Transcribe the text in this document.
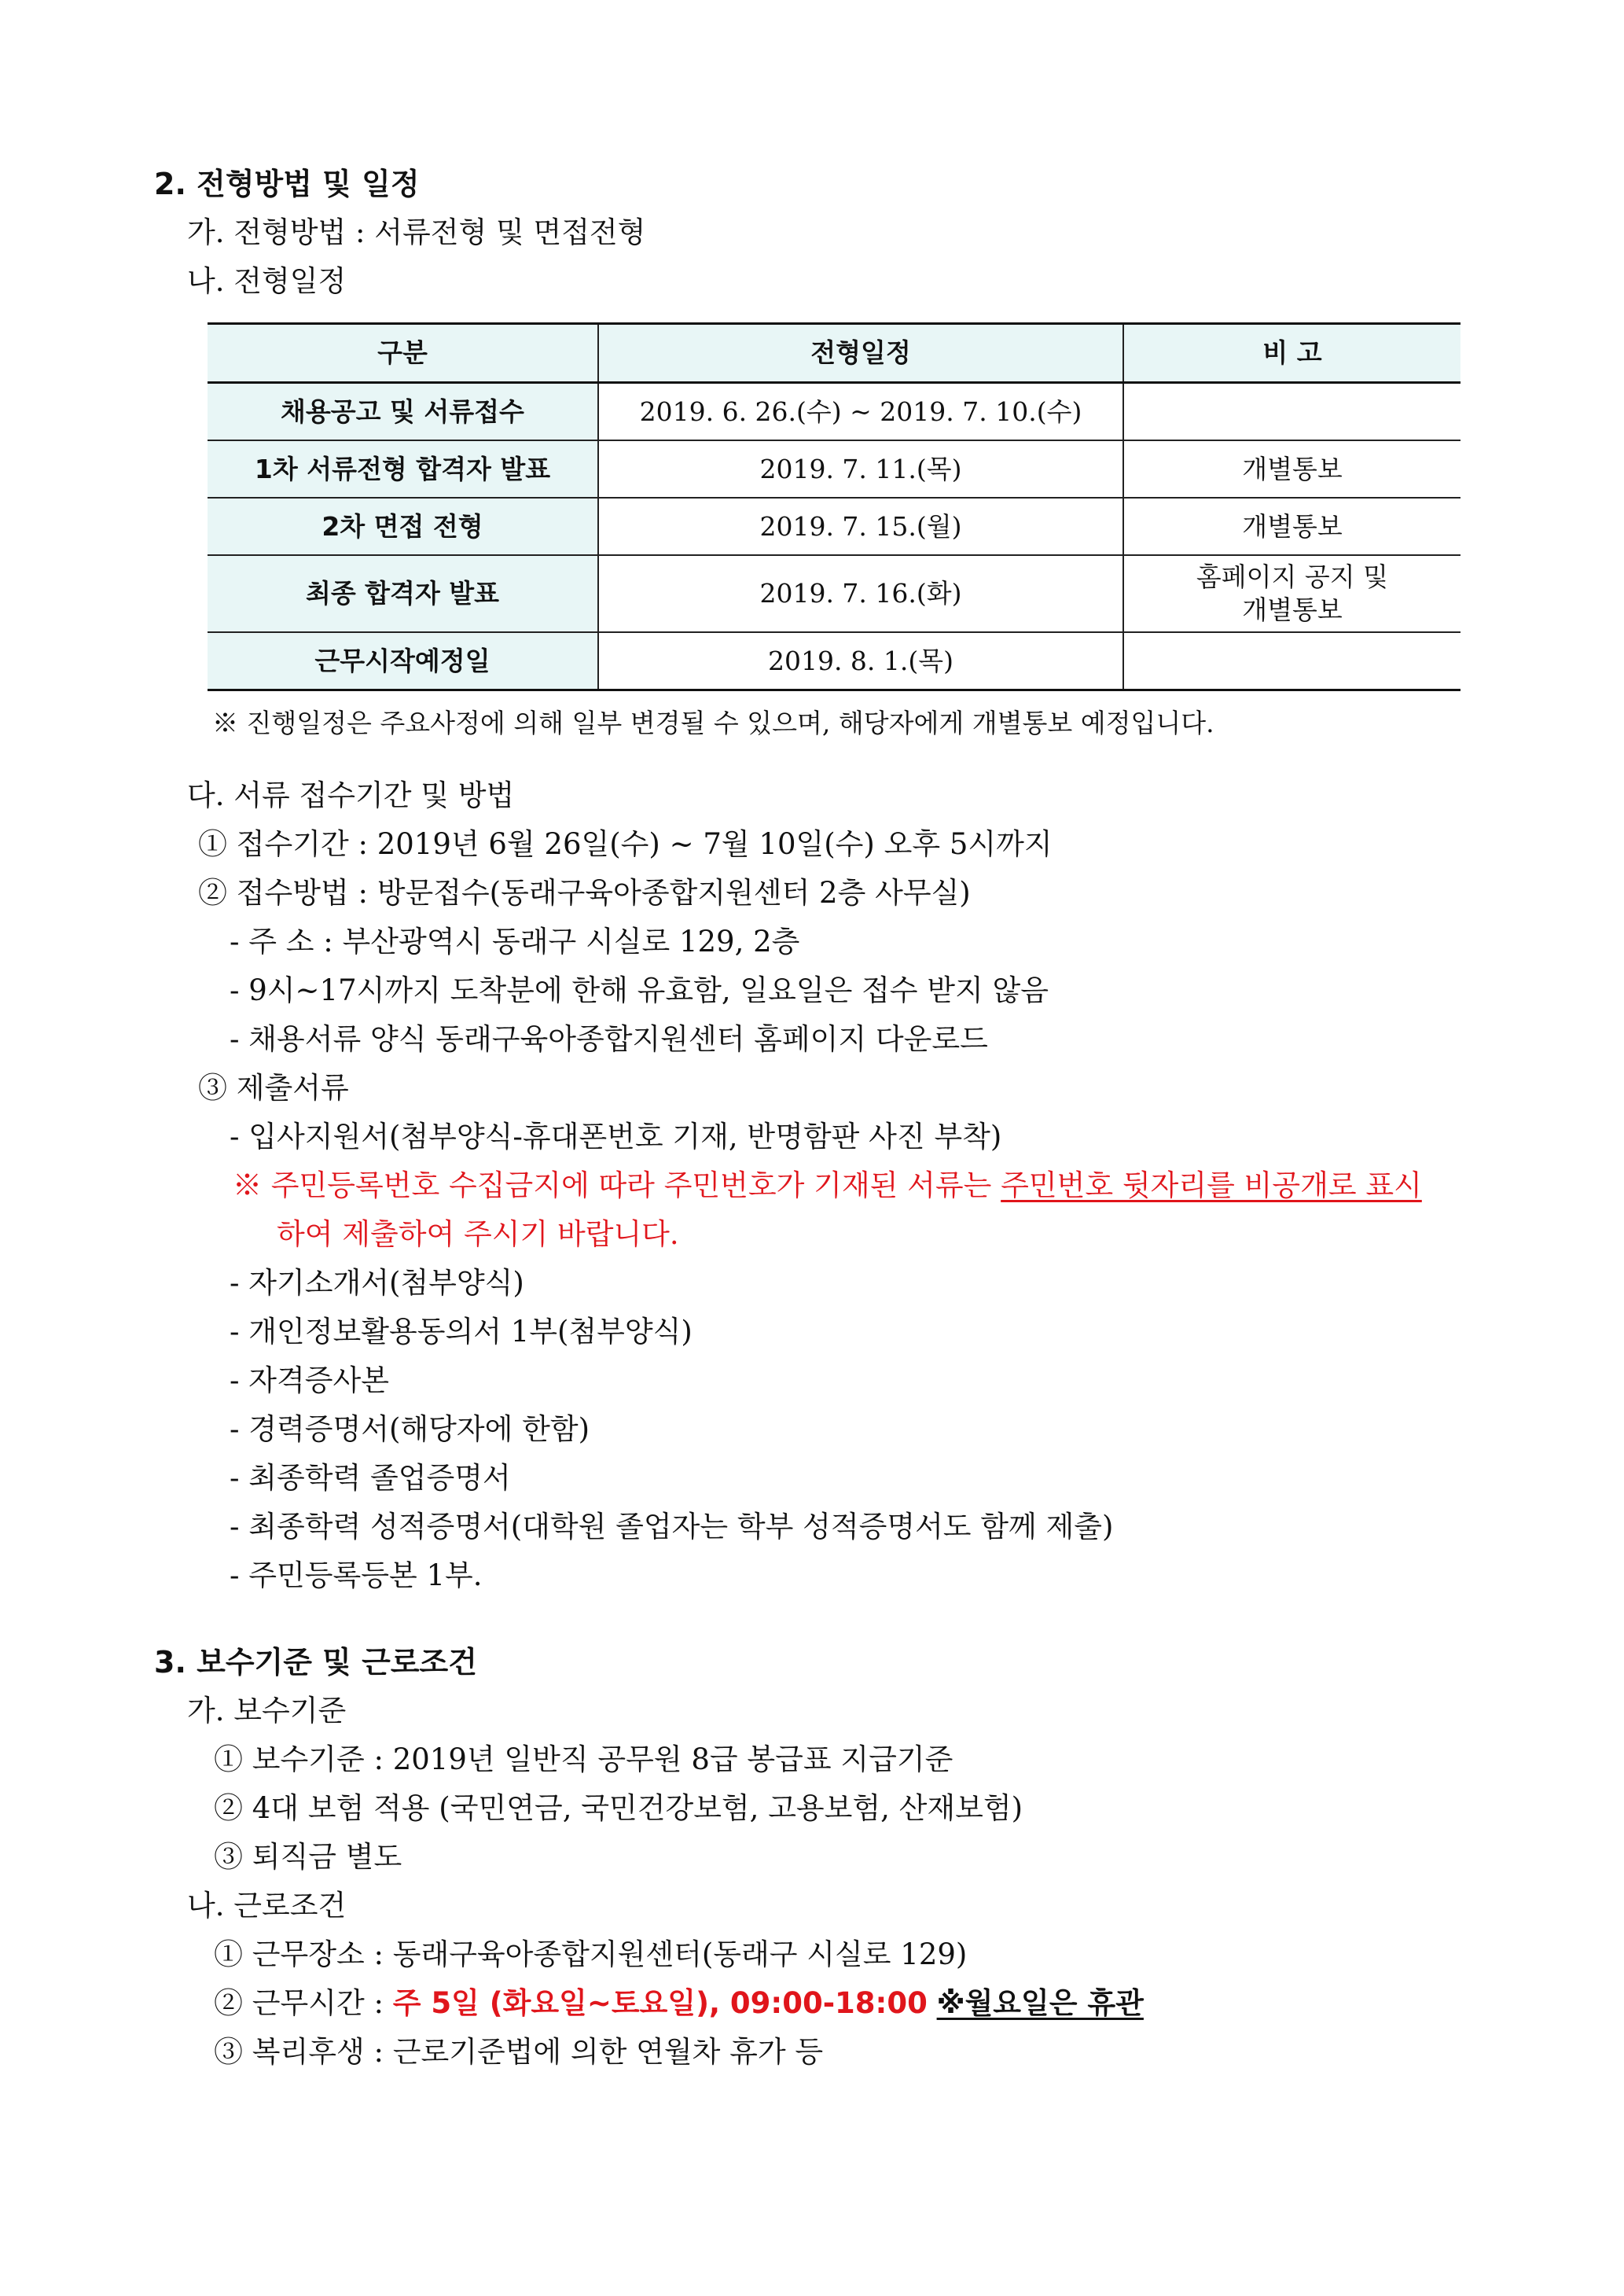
2. 전형방법 및 일정
가. 전형방법 : 서류전형 및 면접전형
나. 전형일정
구분	전형일정	비 고
채용공고 및 서류접수	2019. 6. 26.(수) ~ 2019. 7. 10.(수)	
1차 서류전형 합격자 발표	2019. 7. 11.(목)	개별통보
2차 면접 전형	2019. 7. 15.(월)	개별통보
최종 합격자 발표	2019. 7. 16.(화)	홈페이지 공지 및
개별통보

근무시작예정일	2019. 8. 1.(목)	
※ 진행일정은 주요사정에 의해 일부 변경될 수 있으며, 해당자에게 개별통보 예정입니다.
다. 서류 접수기간 및 방법
① 접수기간 : 2019년 6월 26일(수) ~ 7월 10일(수) 오후 5시까지
② 접수방법 : 방문접수(동래구육아종합지원센터 2층 사무실)
- 주 소 : 부산광역시 동래구 시실로 129, 2층
- 9시~17시까지 도착분에 한해 유효함, 일요일은 접수 받지 않음
- 채용서류 양식 동래구육아종합지원센터 홈페이지 다운로드
③ 제출서류
- 입사지원서(첨부양식-휴대폰번호 기재, 반명함판 사진 부착)
※ 주민등록번호 수집금지에 따라 주민번호가 기재된 서류는 주민번호 뒷자리를 비공개로 표시
하여 제출하여 주시기 바랍니다.
- 자기소개서(첨부양식)
- 개인정보활용동의서 1부(첨부양식)
- 자격증사본
- 경력증명서(해당자에 한함)
- 최종학력 졸업증명서
- 최종학력 성적증명서(대학원 졸업자는 학부 성적증명서도 함께 제출)
- 주민등록등본 1부.
3. 보수기준 및 근로조건
가. 보수기준
① 보수기준 : 2019년 일반직 공무원 8급 봉급표 지급기준
② 4대 보험 적용 (국민연금, 국민건강보험, 고용보험, 산재보험)
③ 퇴직금 별도
나. 근로조건
① 근무장소 : 동래구육아종합지원센터(동래구 시실로 129)
② 근무시간 : 주 5일 (화요일~토요일), 09:00-18:00 ※월요일은 휴관
③ 복리후생 : 근로기준법에 의한 연월차 휴가 등
